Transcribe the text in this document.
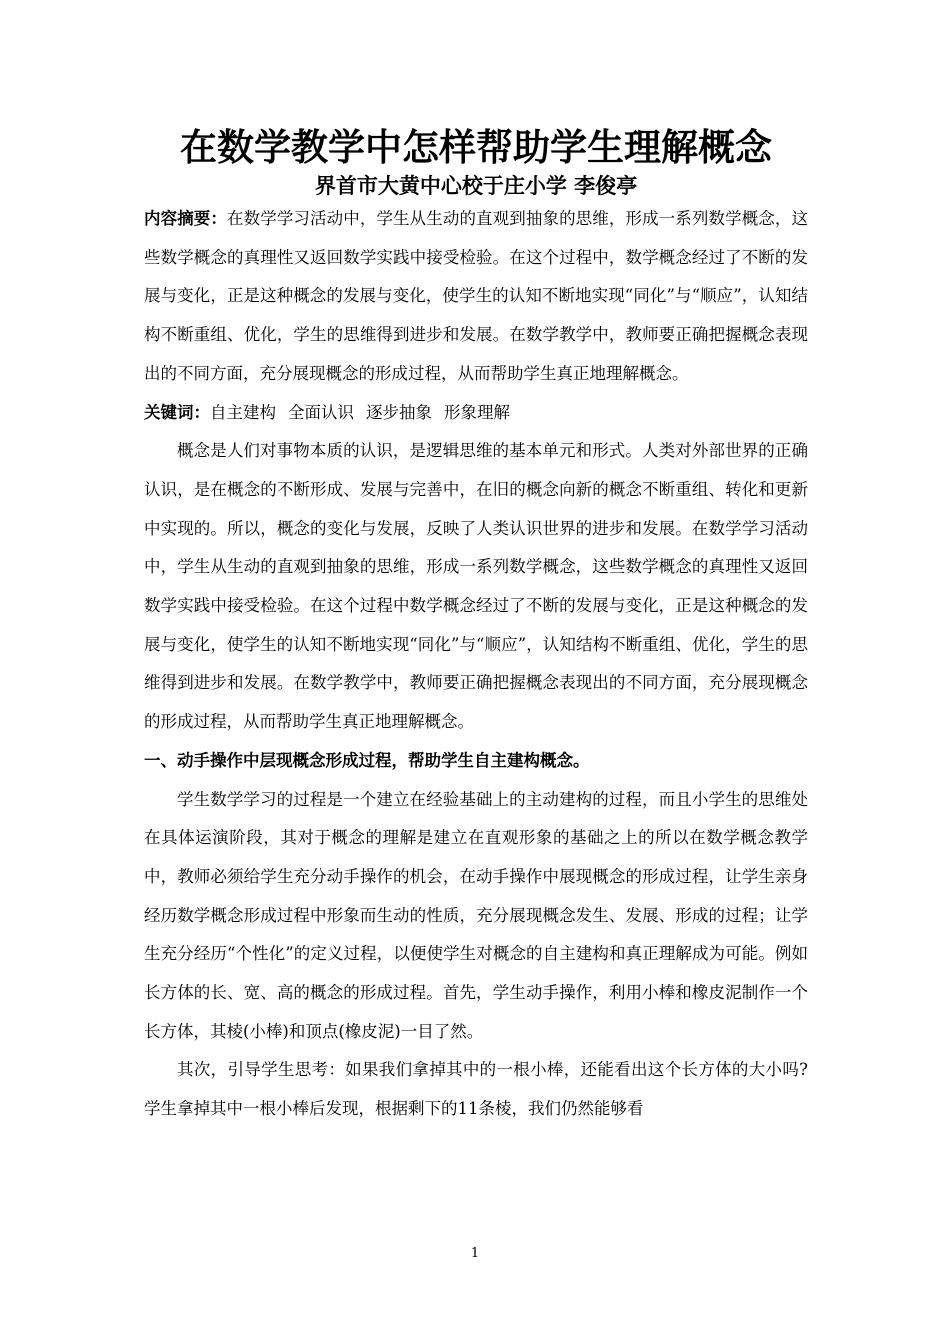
在数学教学中怎样帮助学生理解概念
界首市大黄中心校于庄小学 李俊亭

内容摘要：在数学学习活动中，学生从生动的直观到抽象的思维，形成一系列数学概念，这些数学概念的真理性又返回数学实践中接受检验。在这个过程中，数学概念经过了不断的发展与变化，正是这种概念的发展与变化，使学生的认知不断地实现“同化”与“顺应”，认知结构不断重组、优化，学生的思维得到进步和发展。在数学教学中，教师要正确把握概念表现出的不同方面，充分展现概念的形成过程，从而帮助学生真正地理解概念。

关键词：自主建构 全面认识 逐步抽象 形象理解

概念是人们对事物本质的认识，是逻辑思维的基本单元和形式。人类对外部世界的正确认识，是在概念的不断形成、发展与完善中，在旧的概念向新的概念不断重组、转化和更新中实现的。所以，概念的变化与发展，反映了人类认识世界的进步和发展。在数学学习活动中，学生从生动的直观到抽象的思维，形成一系列数学概念，这些数学概念的真理性又返回数学实践中接受检验。在这个过程中数学概念经过了不断的发展与变化，正是这种概念的发展与变化，使学生的认知不断地实现“同化”与“顺应”，认知结构不断重组、优化，学生的思维得到进步和发展。在数学教学中，教师要正确把握概念表现出的不同方面，充分展现概念的形成过程，从而帮助学生真正地理解概念。

一、动手操作中层现概念形成过程，帮助学生自主建构概念。

学生数学学习的过程是一个建立在经验基础上的主动建构的过程，而且小学生的思维处在具体运演阶段，其对于概念的理解是建立在直观形象的基础之上的所以在数学概念教学中，教师必须给学生充分动手操作的机会，在动手操作中展现概念的形成过程，让学生亲身经历数学概念形成过程中形象而生动的性质，充分展现概念发生、发展、形成的过程；让学生充分经历“个性化”的定义过程，以便使学生对概念的自主建构和真正理解成为可能。例如长方体的长、宽、高的概念的形成过程。首先，学生动手操作，利用小棒和橡皮泥制作一个长方体，其棱(小棒)和顶点(橡皮泥)一目了然。

其次，引导学生思考：如果我们拿掉其中的一根小棒，还能看出这个长方体的大小吗?学生拿掉其中一根小棒后发现，根据剩下的11条棱，我们仍然能够看

1
